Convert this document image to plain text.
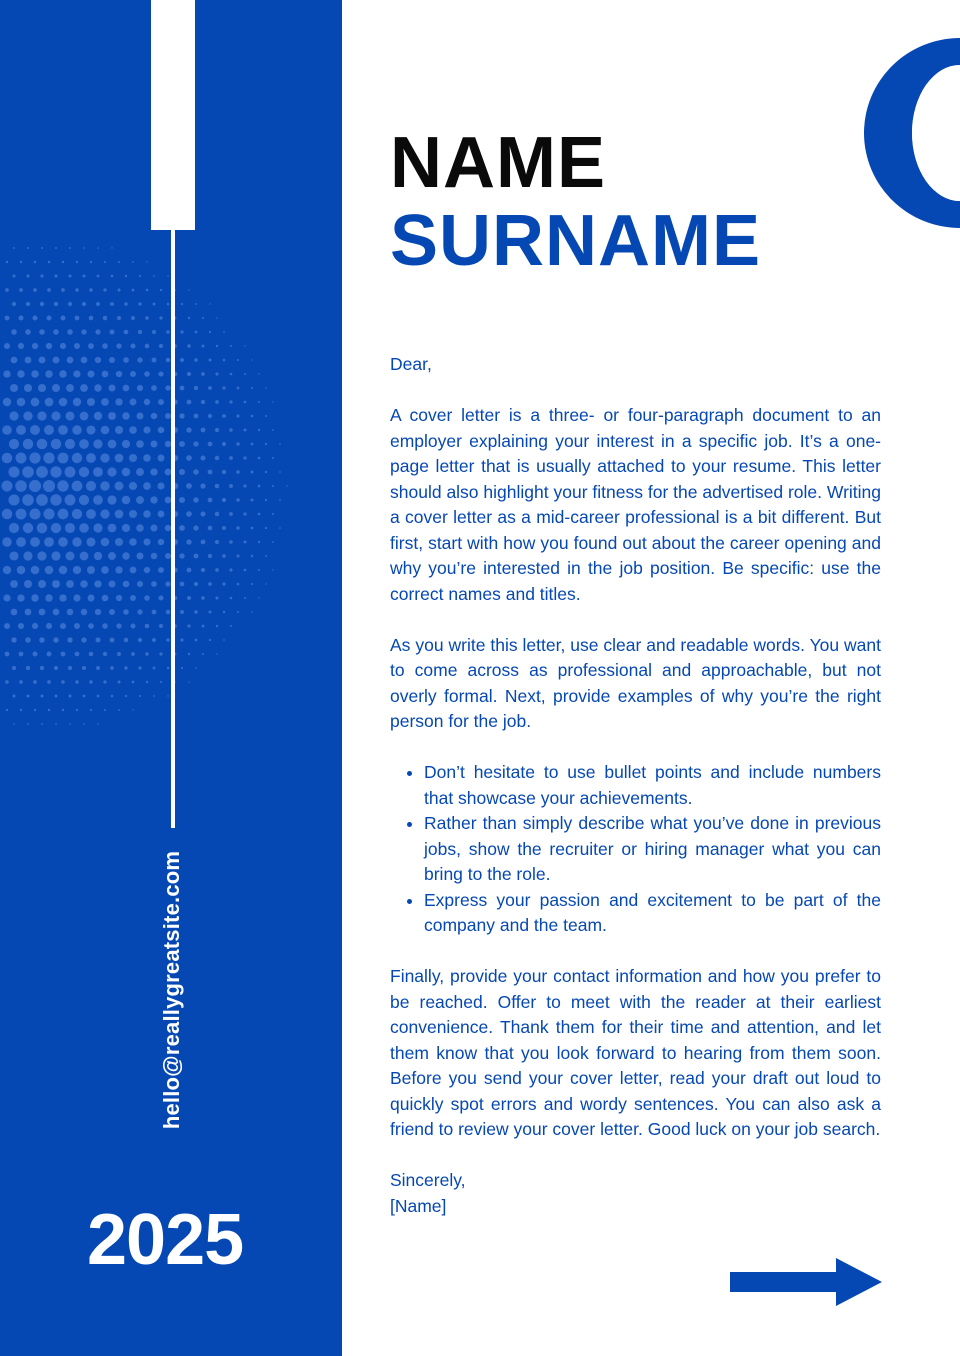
hello@reallygreatsite.com
2025
NAME
SURNAME

Dear,

A cover letter is a three- or four-paragraph document to an employer explaining your interest in a specific job. It’s a one-page letter that is usually attached to your resume. This letter should also highlight your fitness for the advertised role. Writing a cover letter as a mid-career professional is a bit different. But first, start with how you found out about the career opening and why you’re interested in the job position. Be specific: use the correct names and titles.

As you write this letter, use clear and readable words. You want to come across as professional and approachable, but not overly formal. Next, provide examples of why you’re the right person for the job.

• Don’t hesitate to use bullet points and include numbers that showcase your achievements.
• Rather than simply describe what you’ve done in previous jobs, show the recruiter or hiring manager what you can bring to the role.
• Express your passion and excitement to be part of the company and the team.

Finally, provide your contact information and how you prefer to be reached. Offer to meet with the reader at their earliest convenience. Thank them for their time and attention, and let them know that you look forward to hearing from them soon. Before you send your cover letter, read your draft out loud to quickly spot errors and wordy sentences. You can also ask a friend to review your cover letter. Good luck on your job search.

Sincerely,
[Name]
